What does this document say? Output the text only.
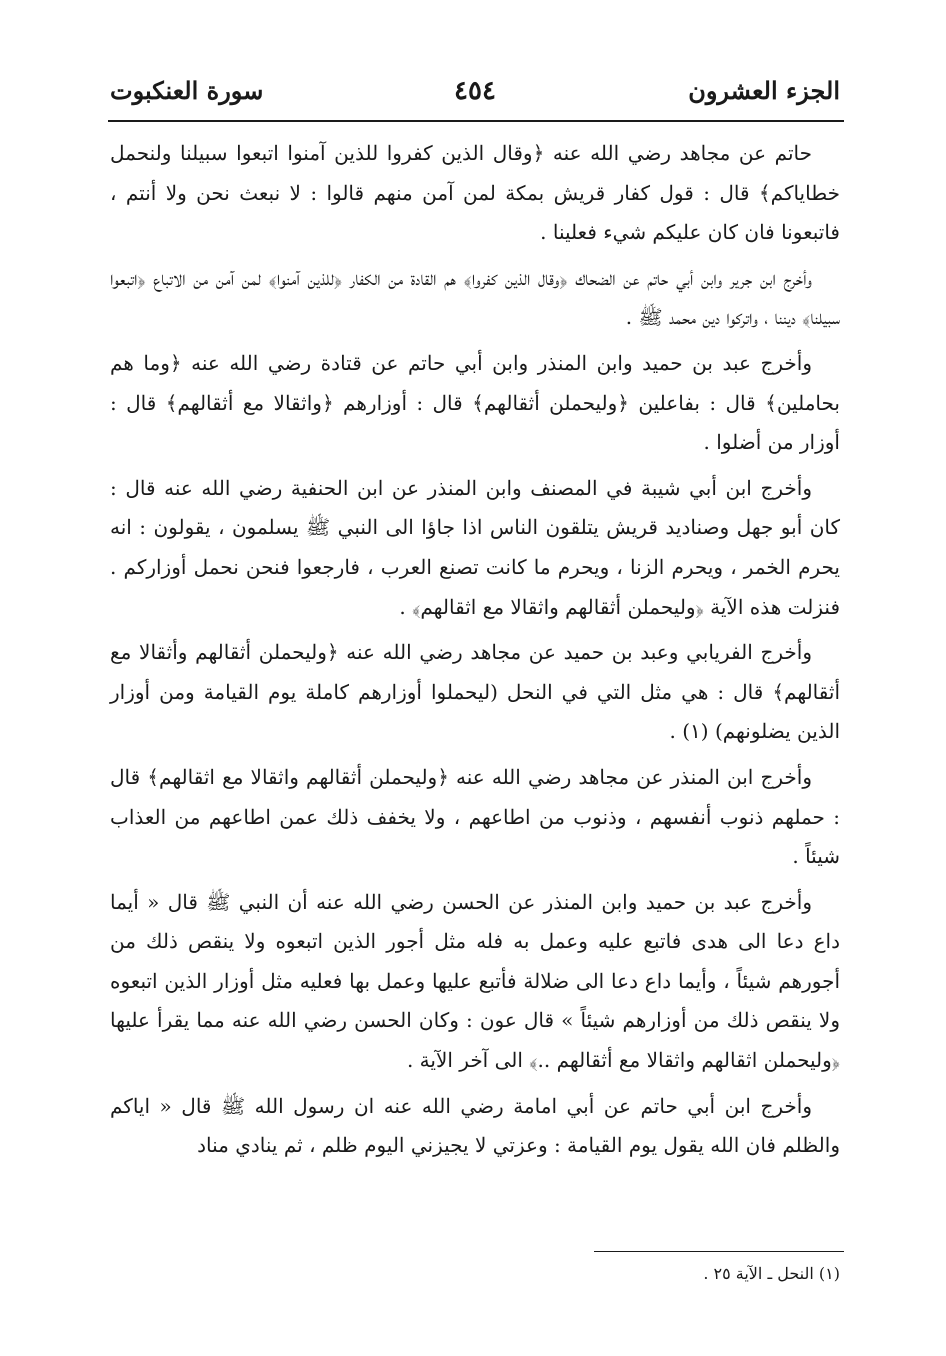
الجزء العشرون
٤٥٤
سورة العنكبوت

حاتم عن مجاهد رضي الله عنه ﴿وقال الذين كفروا للذين آمنوا اتبعوا سبيلنا ولنحمل خطاياكم﴾ قال : قول كفار قريش بمكة لمن آمن منهم قالوا : لا نبعث نحن ولا أنتم ، فاتبعونا فان كان عليكم شيء فعلينا .

وأخرج ابن جرير وابن أبي حاتم عن الضحاك ﴿وقال الذين كفروا﴾ هم القادة من الكفار ﴿للذين آمنوا﴾ لمن آمن من الاتباع ﴿اتبعوا سبيلنا﴾ ديننا ، واتركوا دين محمد ﷺ .

وأخرج عبد بن حميد وابن المنذر وابن أبي حاتم عن قتادة رضي الله عنه ﴿وما هم بحاملين﴾ قال : بفاعلين ﴿وليحملن أثقالهم﴾ قال : أوزارهم ﴿واثقالا مع أثقالهم﴾ قال : أوزار من أضلوا .

وأخرج ابن أبي شيبة في المصنف وابن المنذر عن ابن الحنفية رضي الله عنه قال : كان أبو جهل وصناديد قريش يتلقون الناس اذا جاؤا الى النبي ﷺ يسلمون ، يقولون : انه يحرم الخمر ، ويحرم الزنا ، ويحرم ما كانت تصنع العرب ، فارجعوا فنحن نحمل أوزاركم . فنزلت هذه الآية ﴿وليحملن أثقالهم واثقالا مع اثقالهم﴾ .

وأخرج الفريابي وعبد بن حميد عن مجاهد رضي الله عنه ﴿وليحملن أثقالهم وأثقالا مع أثقالهم﴾ قال : هي مثل التي في النحل (ليحملوا أوزارهم كاملة يوم القيامة ومن أوزار الذين يضلونهم) (١) .

وأخرج ابن المنذر عن مجاهد رضي الله عنه ﴿وليحملن أثقالهم واثقالا مع اثقالهم﴾ قال : حملهم ذنوب أنفسهم ، وذنوب من اطاعهم ، ولا يخفف ذلك عمن اطاعهم من العذاب شيئاً .

وأخرج عبد بن حميد وابن المنذر عن الحسن رضي الله عنه أن النبي ﷺ قال « أيما داع دعا الى هدى فاتبع عليه وعمل به فله مثل أجور الذين اتبعوه ولا ينقص ذلك من أجورهم شيئاً ، وأيما داع دعا الى ضلالة فأتبع عليها وعمل بها فعليه مثل أوزار الذين اتبعوه ولا ينقص ذلك من أوزارهم شيئاً » قال عون : وكان الحسن رضي الله عنه مما يقرأ عليها ﴿وليحملن اثقالهم واثقالا مع أثقالهم ..﴾ الى آخر الآية .

وأخرج ابن أبي حاتم عن أبي امامة رضي الله عنه ان رسول الله ﷺ قال « اياكم والظلم فان الله يقول يوم القيامة : وعزتي لا يجيزني اليوم ظلم ، ثم ينادي مناد

(١) النحل ـ الآية ٢٥ .
